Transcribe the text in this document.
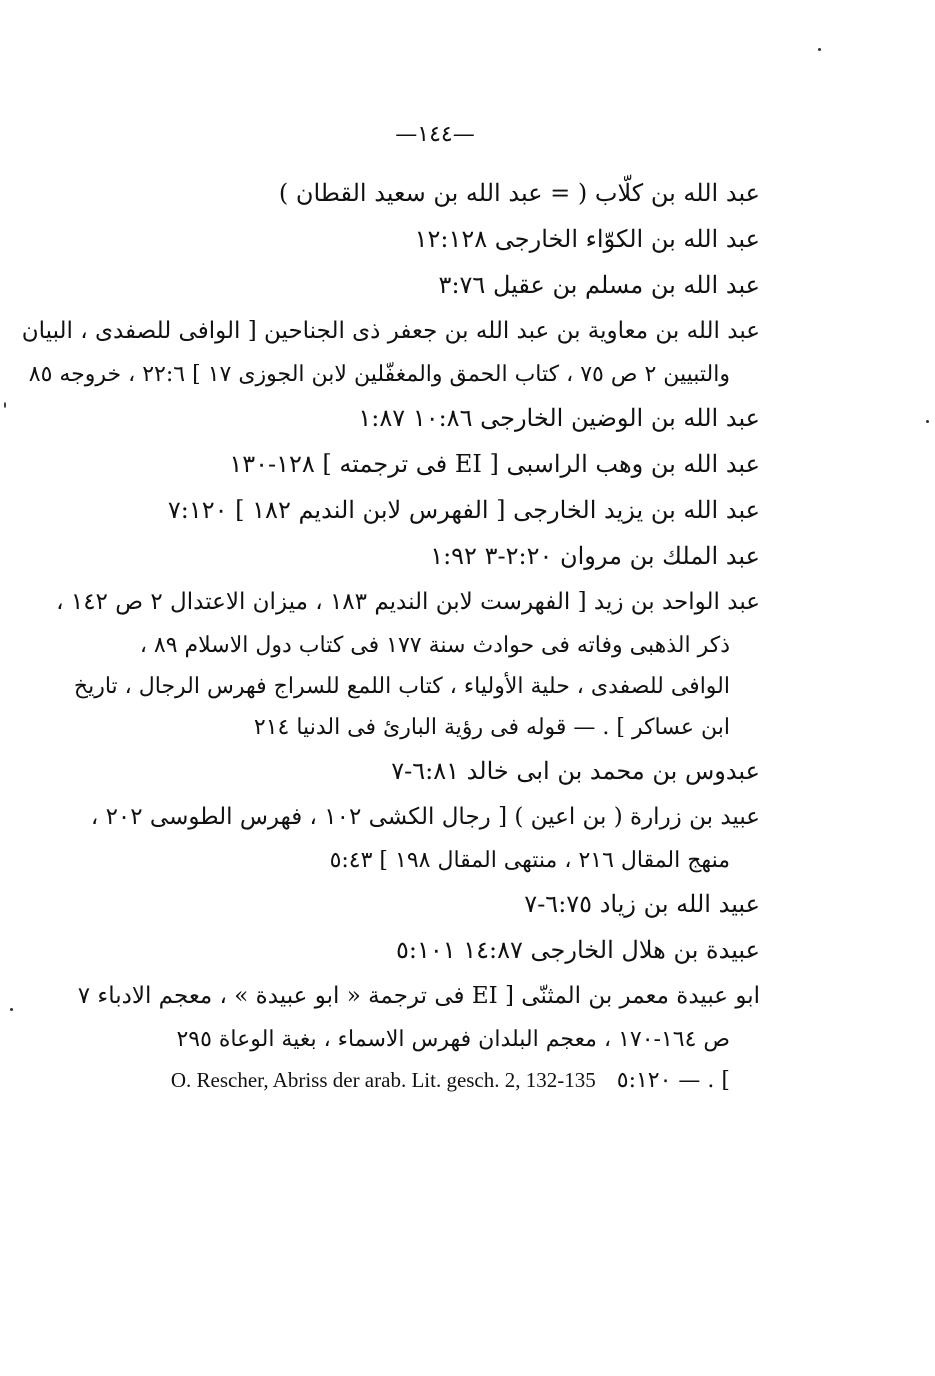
—١٤٤—
عبد الله بن كلّاب ( = عبد الله بن سعيد القطان )
عبد الله بن الكوّاء الخارجى ١٢:١٢٨
عبد الله بن مسلم بن عقيل ٣:٧٦
عبد الله بن معاوية بن عبد الله بن جعفر ذى الجناحين [ الوافى للصفدى ، البيان
والتبيين ٢ ص ٧٥ ، كتاب الحمق والمغفّلين لابن الجوزى ١٧ ] ٢٢:٦ ، خروجه ٨٥
عبد الله بن الوضين الخارجى ١٠:٨٦ ١:٨٧
عبد الله بن وهب الراسبى [ EI فى ترجمته ] ١٢٨-١٣٠
عبد الله بن يزيد الخارجى [ الفهرس لابن النديم ١٨٢ ] ٧:١٢٠
عبد الملك بن مروان ٢:٢٠-٣ ١:٩٢
عبد الواحد بن زيد [ الفهرست لابن النديم ١٨٣ ، ميزان الاعتدال ٢ ص ١٤٢ ،
ذكر الذهبى وفاته فى حوادث سنة ١٧٧ فى كتاب دول الاسلام ٨٩ ،
الوافى للصفدى ، حلية الأولياء ، كتاب اللمع للسراج فهرس الرجال ، تاريخ
ابن عساكر ] . — قوله فى رؤية البارئ فى الدنيا ٢١٤
عبدوس بن محمد بن ابى خالد ٦:٨١-٧
عبيد بن زرارة ( بن اعين ) [ رجال الكشى ١٠٢ ، فهرس الطوسى ٢٠٢ ،
منهج المقال ٢١٦ ، منتهى المقال ١٩٨ ] ٥:٤٣
عبيد الله بن زياد ٦:٧٥-٧
عبيدة بن هلال الخارجى ١٤:٨٧ ٥:١٠١
ابو عبيدة معمر بن المثنّى [ EI فى ترجمة « ابو عبيدة » ، معجم الادباء ٧
ص ١٦٤-١٧٠ ، معجم البلدان فهرس الاسماء ، بغية الوعاة ٢٩٥
] . — ٥:١٢٠   O. Rescher, Abriss der arab. Lit. gesch. 2, 132-135
